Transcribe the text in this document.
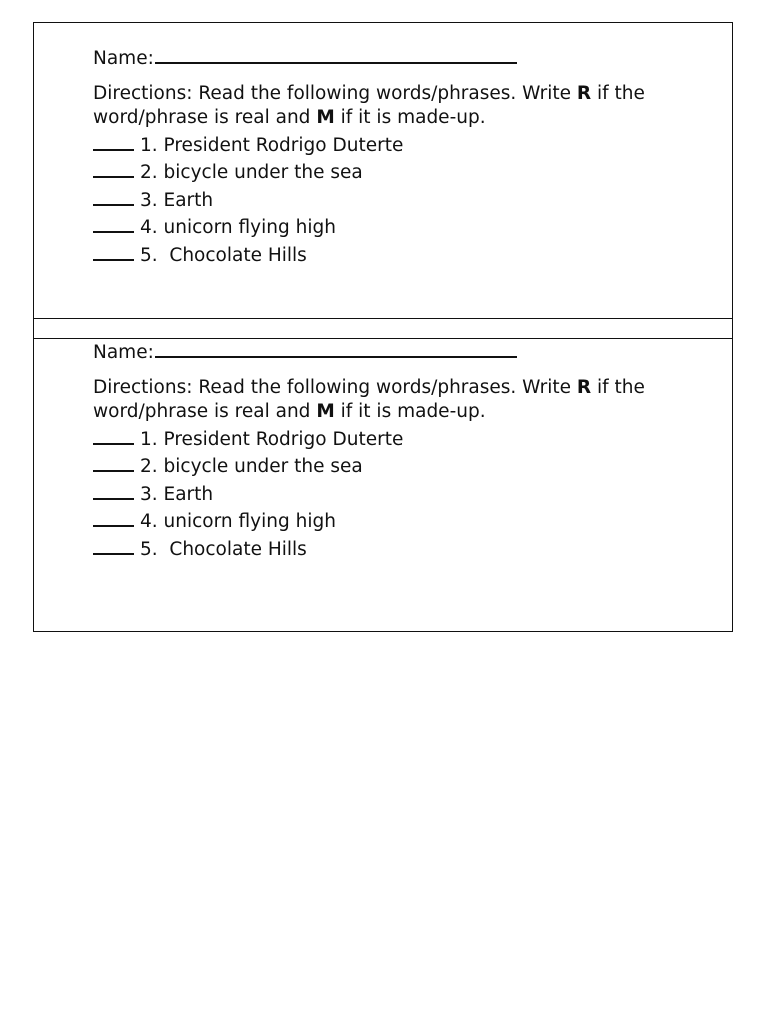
Name:

Directions: Read the following words/phrases. Write R if the word/phrase is real and M if it is made-up.

1. President Rodrigo Duterte
2. bicycle under the sea
3. Earth
4. unicorn flying high
5.  Chocolate Hills
Name:

Directions: Read the following words/phrases. Write R if the word/phrase is real and M if it is made-up.

1. President Rodrigo Duterte
2. bicycle under the sea
3. Earth
4. unicorn flying high
5.  Chocolate Hills
